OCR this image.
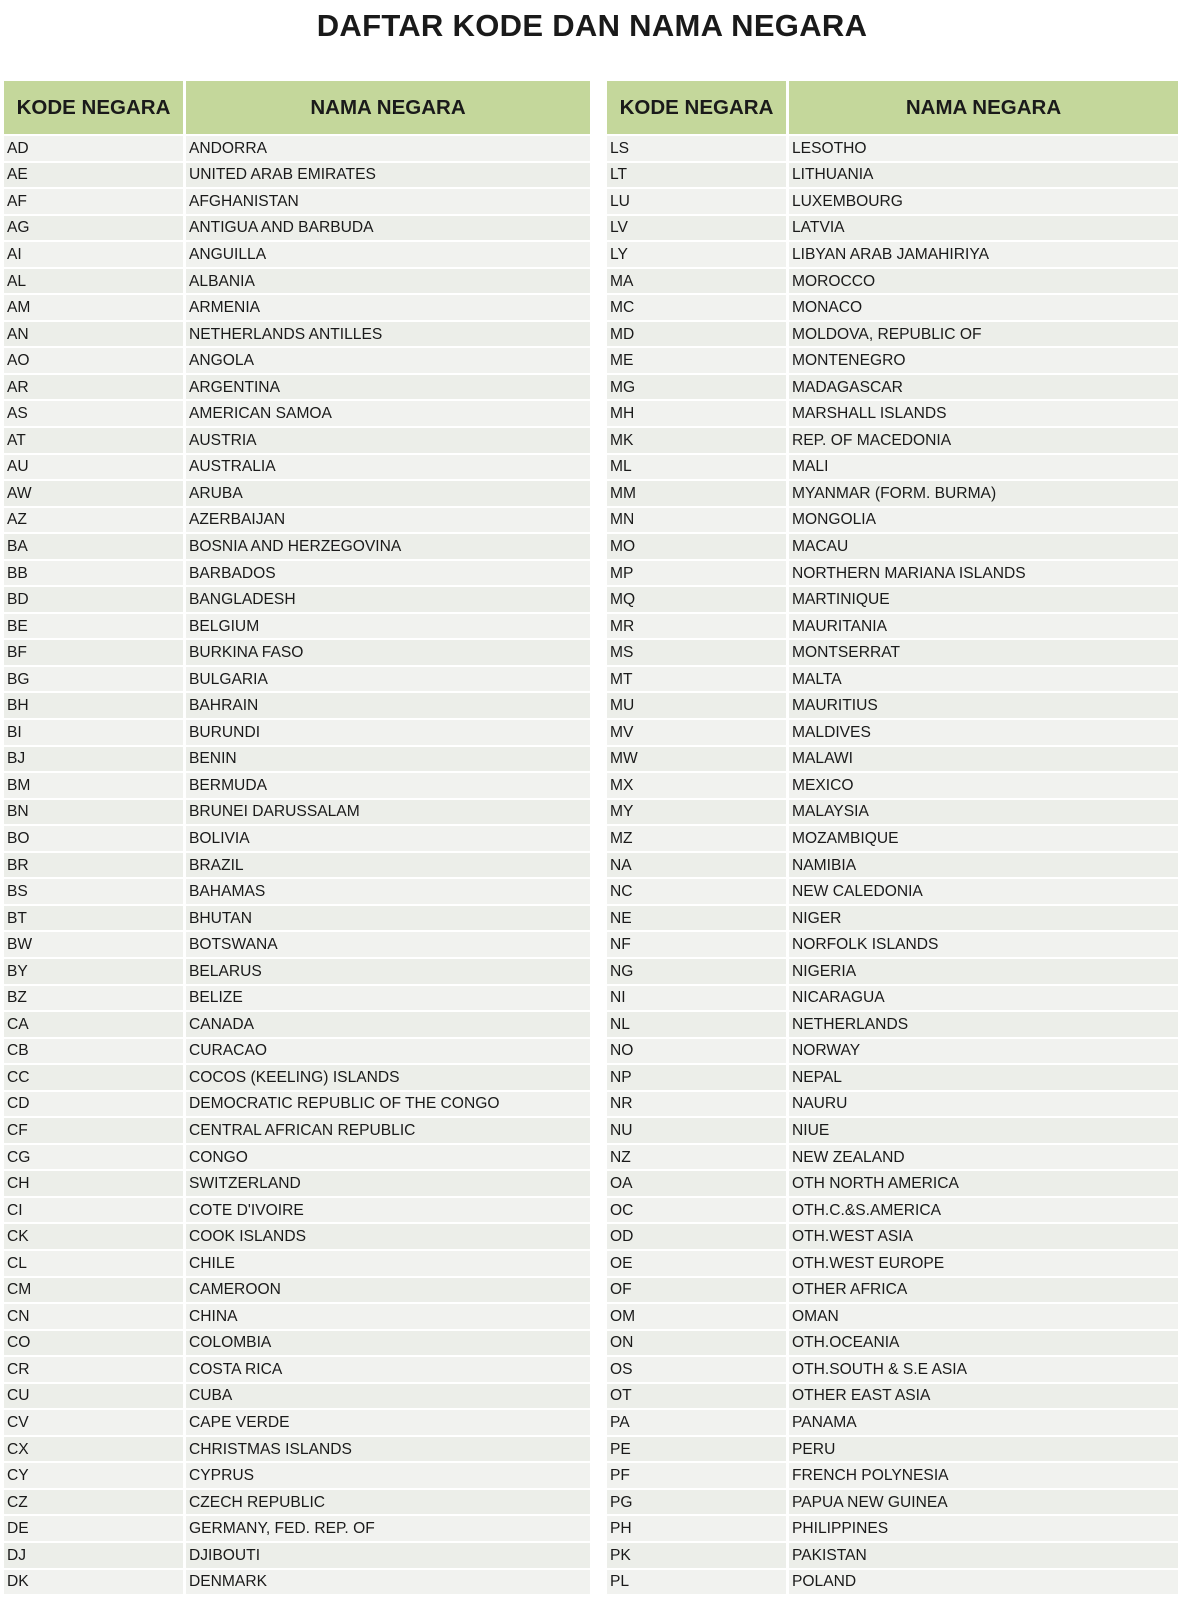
DAFTAR KODE DAN NAMA NEGARA
KODE NEGARA	NAMA NEGARA
AD	ANDORRA
AE	UNITED ARAB EMIRATES
AF	AFGHANISTAN
AG	ANTIGUA AND BARBUDA
AI	ANGUILLA
AL	ALBANIA
AM	ARMENIA
AN	NETHERLANDS ANTILLES
AO	ANGOLA
AR	ARGENTINA
AS	AMERICAN SAMOA
AT	AUSTRIA
AU	AUSTRALIA
AW	ARUBA
AZ	AZERBAIJAN
BA	BOSNIA AND HERZEGOVINA
BB	BARBADOS
BD	BANGLADESH
BE	BELGIUM
BF	BURKINA FASO
BG	BULGARIA
BH	BAHRAIN
BI	BURUNDI
BJ	BENIN
BM	BERMUDA
BN	BRUNEI DARUSSALAM
BO	BOLIVIA
BR	BRAZIL
BS	BAHAMAS
BT	BHUTAN
BW	BOTSWANA
BY	BELARUS
BZ	BELIZE
CA	CANADA
CB	CURACAO
CC	COCOS (KEELING) ISLANDS
CD	DEMOCRATIC REPUBLIC OF THE CONGO
CF	CENTRAL AFRICAN REPUBLIC
CG	CONGO
CH	SWITZERLAND
CI	COTE D'IVOIRE
CK	COOK ISLANDS
CL	CHILE
CM	CAMEROON
CN	CHINA
CO	COLOMBIA
CR	COSTA RICA
CU	CUBA
CV	CAPE VERDE
CX	CHRISTMAS ISLANDS
CY	CYPRUS
CZ	CZECH REPUBLIC
DE	GERMANY, FED. REP. OF
DJ	DJIBOUTI
DK	DENMARK
KODE NEGARA	NAMA NEGARA
LS	LESOTHO
LT	LITHUANIA
LU	LUXEMBOURG
LV	LATVIA
LY	LIBYAN ARAB JAMAHIRIYA
MA	MOROCCO
MC	MONACO
MD	MOLDOVA, REPUBLIC OF
ME	MONTENEGRO
MG	MADAGASCAR
MH	MARSHALL ISLANDS
MK	REP. OF MACEDONIA
ML	MALI
MM	MYANMAR (FORM. BURMA)
MN	MONGOLIA
MO	MACAU
MP	NORTHERN MARIANA ISLANDS
MQ	MARTINIQUE
MR	MAURITANIA
MS	MONTSERRAT
MT	MALTA
MU	MAURITIUS
MV	MALDIVES
MW	MALAWI
MX	MEXICO
MY	MALAYSIA
MZ	MOZAMBIQUE
NA	NAMIBIA
NC	NEW CALEDONIA
NE	NIGER
NF	NORFOLK ISLANDS
NG	NIGERIA
NI	NICARAGUA
NL	NETHERLANDS
NO	NORWAY
NP	NEPAL
NR	NAURU
NU	NIUE
NZ	NEW ZEALAND
OA	OTH NORTH AMERICA
OC	OTH.C.&S.AMERICA
OD	OTH.WEST ASIA
OE	OTH.WEST EUROPE
OF	OTHER AFRICA
OM	OMAN
ON	OTH.OCEANIA
OS	OTH.SOUTH & S.E ASIA
OT	OTHER EAST ASIA
PA	PANAMA
PE	PERU
PF	FRENCH POLYNESIA
PG	PAPUA NEW GUINEA
PH	PHILIPPINES
PK	PAKISTAN
PL	POLAND
